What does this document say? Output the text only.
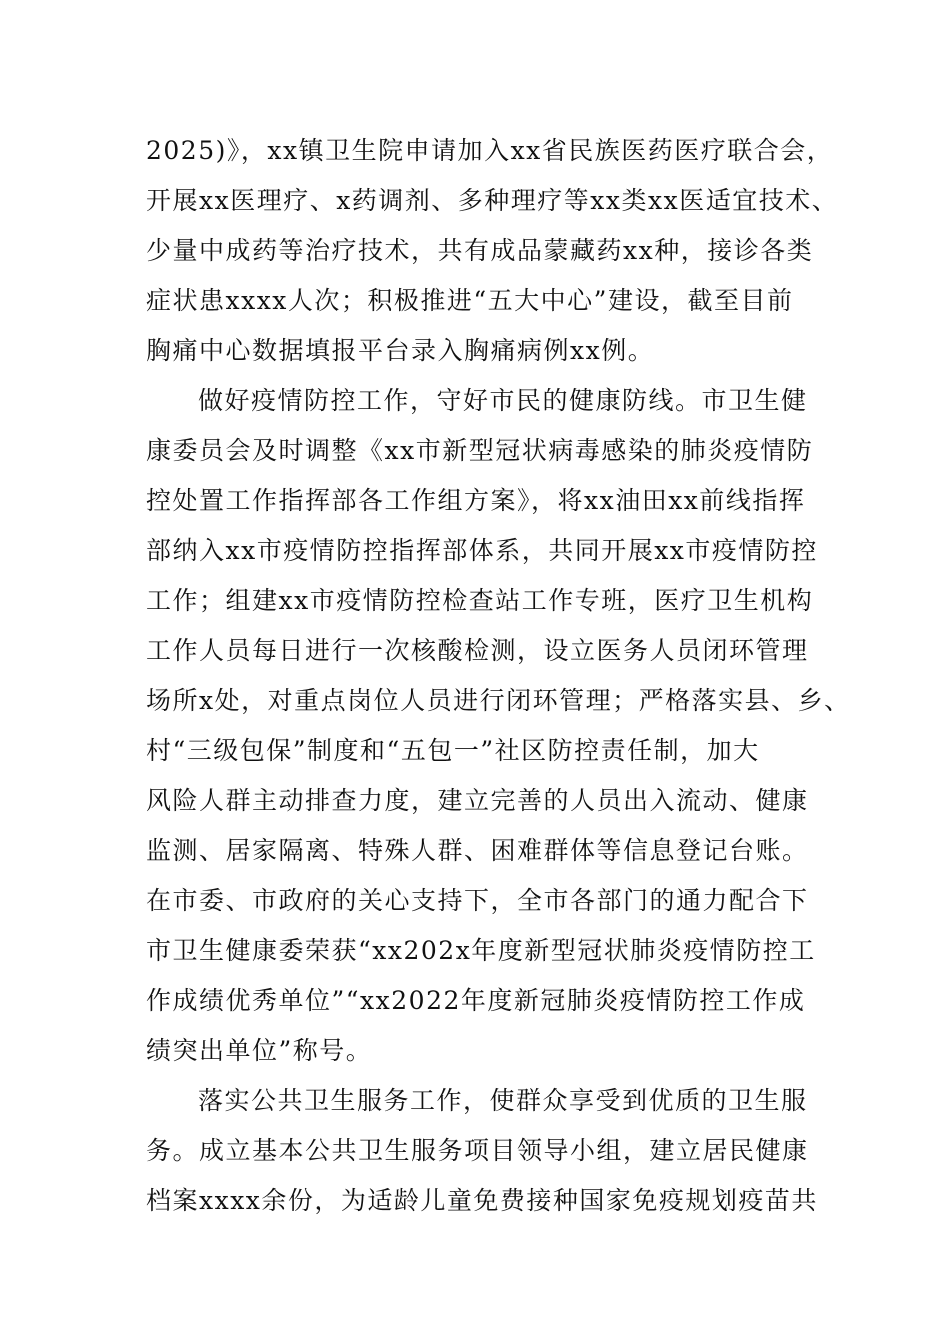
2025)》，xx镇卫生院申请加入xx省民族医药医疗联合会，

开展xx医理疗、x药调剂、多种理疗等xx类xx医适宜技术、

少量中成药等治疗技术，共有成品蒙藏药xx种，接诊各类

症状患xxxx人次；积极推进“五大中心”建设，截至目前

胸痛中心数据填报平台录入胸痛病例xx例。

做好疫情防控工作，守好市民的健康防线。市卫生健

康委员会及时调整《xx市新型冠状病毒感染的肺炎疫情防

控处置工作指挥部各工作组方案》，将xx油田xx前线指挥

部纳入xx市疫情防控指挥部体系，共同开展xx市疫情防控

工作；组建xx市疫情防控检查站工作专班，医疗卫生机构

工作人员每日进行一次核酸检测，设立医务人员闭环管理

场所x处，对重点岗位人员进行闭环管理；严格落实县、乡、

村“三级包保”制度和“五包一”社区防控责任制，加大

风险人群主动排查力度，建立完善的人员出入流动、健康

监测、居家隔离、特殊人群、困难群体等信息登记台账。

在市委、市政府的关心支持下，全市各部门的通力配合下

市卫生健康委荣获“xx202x年度新型冠状肺炎疫情防控工

作成绩优秀单位”“xx2022年度新冠肺炎疫情防控工作成

绩突出单位”称号。

落实公共卫生服务工作，使群众享受到优质的卫生服

务。成立基本公共卫生服务项目领导小组，建立居民健康

档案xxxx余份，为适龄儿童免费接种国家免疫规划疫苗共
